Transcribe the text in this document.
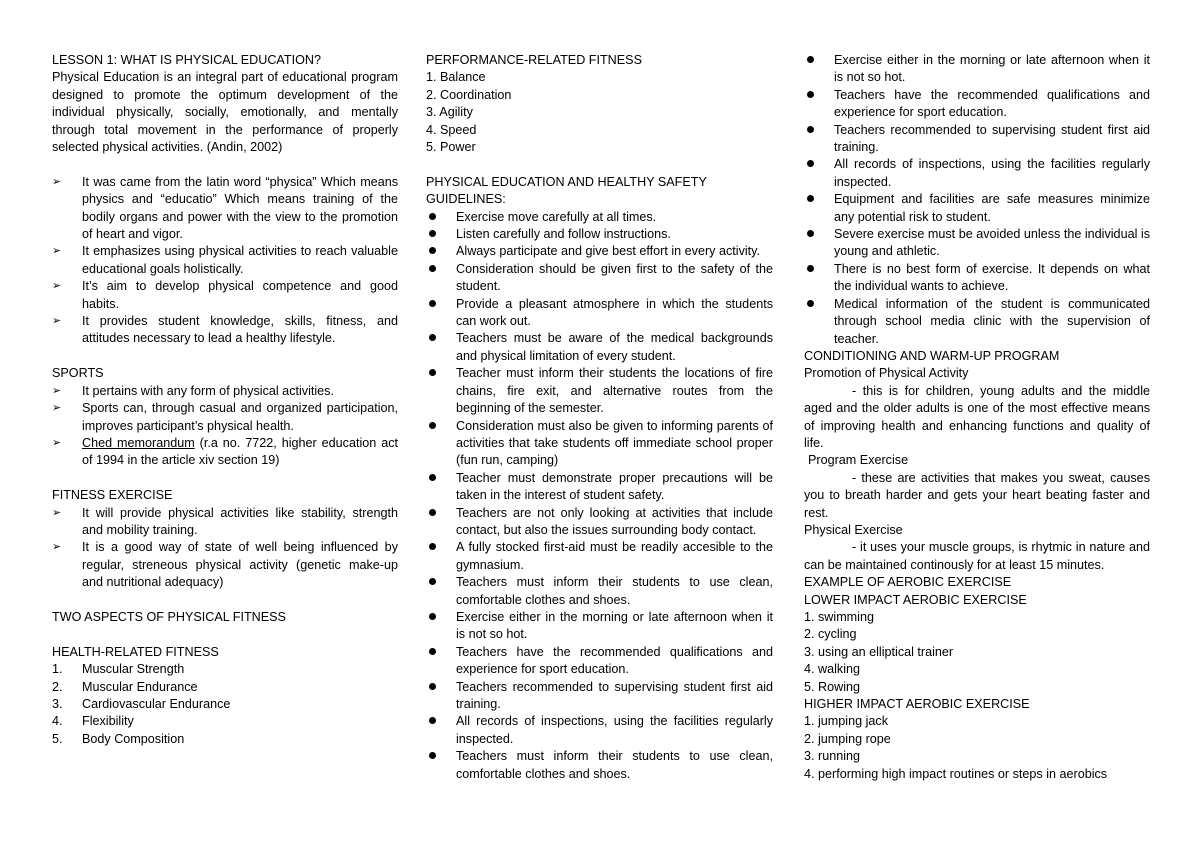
LESSON 1: WHAT IS PHYSICAL EDUCATION?

Physical Education is an integral part of educational program designed to promote the optimum development of the individual physically, socially, emotionally, and mentally through total movement in the performance of properly selected physical activities. (Andin, 2002)

➢	It was came from the latin word “physica” Which means physics and “educatio” Which means training of the bodily organs and power with the view to the promotion of heart and vigor.
➢	It emphasizes using physical activities to reach valuable educational goals holistically.
➢	It’s aim to develop physical competence and good habits.
➢	It provides student knowledge, skills, fitness, and attitudes necessary to lead a healthy lifestyle.

SPORTS

➢	It pertains with any form of physical activities.
➢	Sports can, through casual and organized participation, improves participant’s physical health.
➢	Ched memorandum (r.a no. 7722, higher education act of 1994 in the article xiv section 19)

FITNESS EXERCISE

➢	It will provide physical activities like stability, strength and mobility training.
➢	It is a good way of state of well being influenced by regular, streneous physical activity (genetic make-up and nutritional adequacy)

TWO ASPECTS OF PHYSICAL FITNESS

HEALTH-RELATED FITNESS

1.	Muscular Strength
2.	Muscular Endurance
3.	Cardiovascular Endurance
4.	Flexibility
5.	Body Composition

PERFORMANCE-RELATED FITNESS

1. Balance

2. Coordination

3. Agility

4. Speed

5. Power

PHYSICAL EDUCATION AND HEALTHY SAFETY GUIDELINES:

Exercise move carefully at all times.
Listen carefully and follow instructions.
Always participate and give best effort in every activity.
Consideration should be given first to the safety of the student.
Provide a pleasant atmosphere in which the students can work out.
Teachers must be aware of the medical backgrounds and physical limitation of every student.
Teacher must inform their students the locations of fire chains, fire exit, and alternative routes from the beginning of the semester.
Consideration must also be given to informing parents of activities that take students off immediate school proper (fun run, camping)
Teacher must demonstrate proper precautions will be taken in the interest of student safety.
Teachers are not only looking at activities that include contact, but also the issues surrounding body contact.
A fully stocked first-aid must be readily accesible to the gymnasium.
Teachers must inform their students to use clean, comfortable clothes and shoes.
Exercise either in the morning or late afternoon when it is not so hot.
Teachers have the recommended qualifications and experience for sport education.
Teachers recommended to supervising student first aid training.
All records of inspections, using the facilities regularly inspected.
Teachers must inform their students to use clean, comfortable clothes and shoes.
Exercise either in the morning or late afternoon when it is not so hot.
Teachers have the recommended qualifications and experience for sport education.
Teachers recommended to supervising student first aid training.
All records of inspections, using the facilities regularly inspected.
Equipment and facilities are safe measures minimize any potential risk to student.
Severe exercise must be avoided unless the individual is young and athletic.
There is no best form of exercise. It depends on what the individual wants to achieve.
Medical information of the student is communicated through school media clinic with the supervision of teacher.

CONDITIONING AND WARM-UP PROGRAM

Promotion of Physical Activity

- this is for children, young adults and the middle aged and the older adults is one of the most effective means of improving health and enhancing functions and quality of life.

Program Exercise

- these are activities that makes you sweat, causes you to breath harder and gets your heart beating faster and rest.

Physical Exercise

- it uses your muscle groups, is rhytmic in nature and can be maintained continously for at least 15 minutes.

EXAMPLE OF AEROBIC EXERCISE

LOWER IMPACT AEROBIC EXERCISE

1. swimming

2. cycling

3. using an elliptical trainer

4. walking

5. Rowing

HIGHER IMPACT AEROBIC EXERCISE

1. jumping jack

2. jumping rope

3. running

4. performing high impact routines or steps in aerobics
